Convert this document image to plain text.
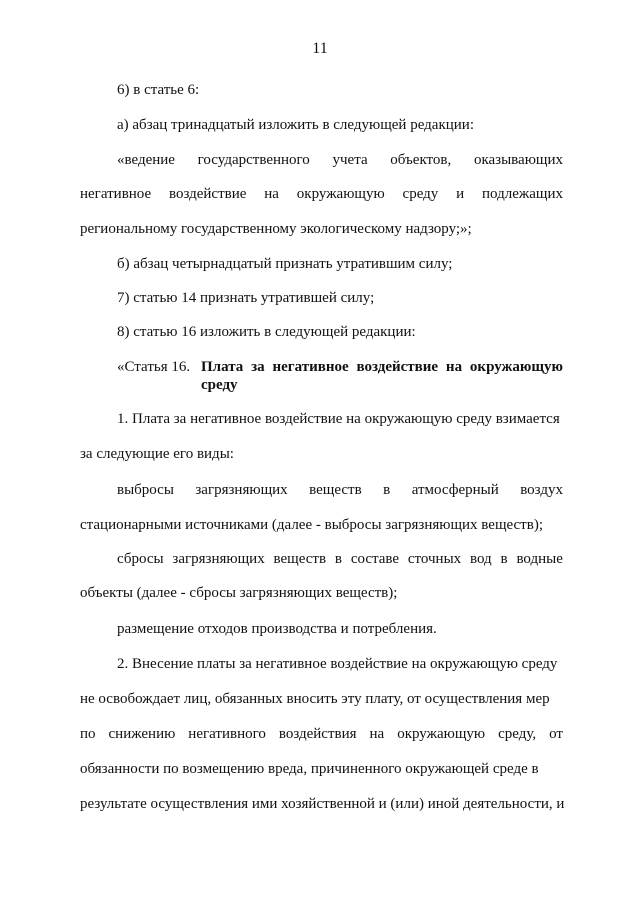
11
6) в статье 6:
а) абзац тринадцатый изложить в следующей редакции:
«ведение государственного учета объектов, оказывающих
негативное воздействие на окружающую среду и подлежащих
региональному государственному экологическому надзору;»;
б) абзац четырнадцатый признать утратившим силу;
7) статью 14 признать утратившей силу;
8) статью 16 изложить в следующей редакции:
«Статья 16. Плата за негативное воздействие на окружающую среду
1. Плата за негативное воздействие на окружающую среду взимается
за следующие его виды:
выбросы загрязняющих веществ в атмосферный воздух
стационарными источниками (далее - выбросы загрязняющих веществ);
сбросы загрязняющих веществ в составе сточных вод в водные
объекты (далее - сбросы загрязняющих веществ);
размещение отходов производства и потребления.
2. Внесение платы за негативное воздействие на окружающую среду
не освобождает лиц, обязанных вносить эту плату, от осуществления мер
по снижению негативного воздействия на окружающую среду, от
обязанности по возмещению вреда, причиненного окружающей среде в
результате осуществления ими хозяйственной и (или) иной деятельности, и
